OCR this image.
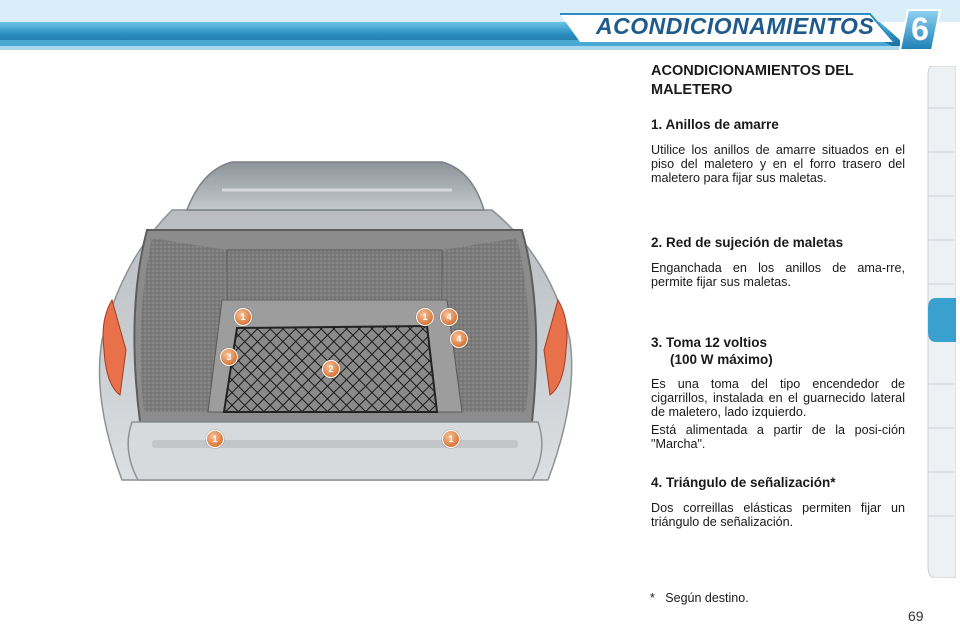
ACONDICIONAMIENTOS	6
1	1	4
4
3
2
1	1
ACONDICIONAMIENTOS DEL MALETERO
1. Anillos de amarre

Utilice los anillos de amarre situados en el piso del maletero y en el forro trasero del maletero para fijar sus maletas.

2. Red de sujeción de maletas

Enganchada en los anillos de ama-rre, permite fijar sus maletas.

3. Toma 12 voltios
(100 W máximo)

Es una toma del tipo encendedor de cigarrillos, instalada en el guarnecido lateral de maletero, lado izquierdo.

Está alimentada a partir de la posi-ción "Marcha".

4. Triángulo de señalización*

Dos correillas elásticas permiten fijar un triángulo de señalización.

*   Según destino.
69
